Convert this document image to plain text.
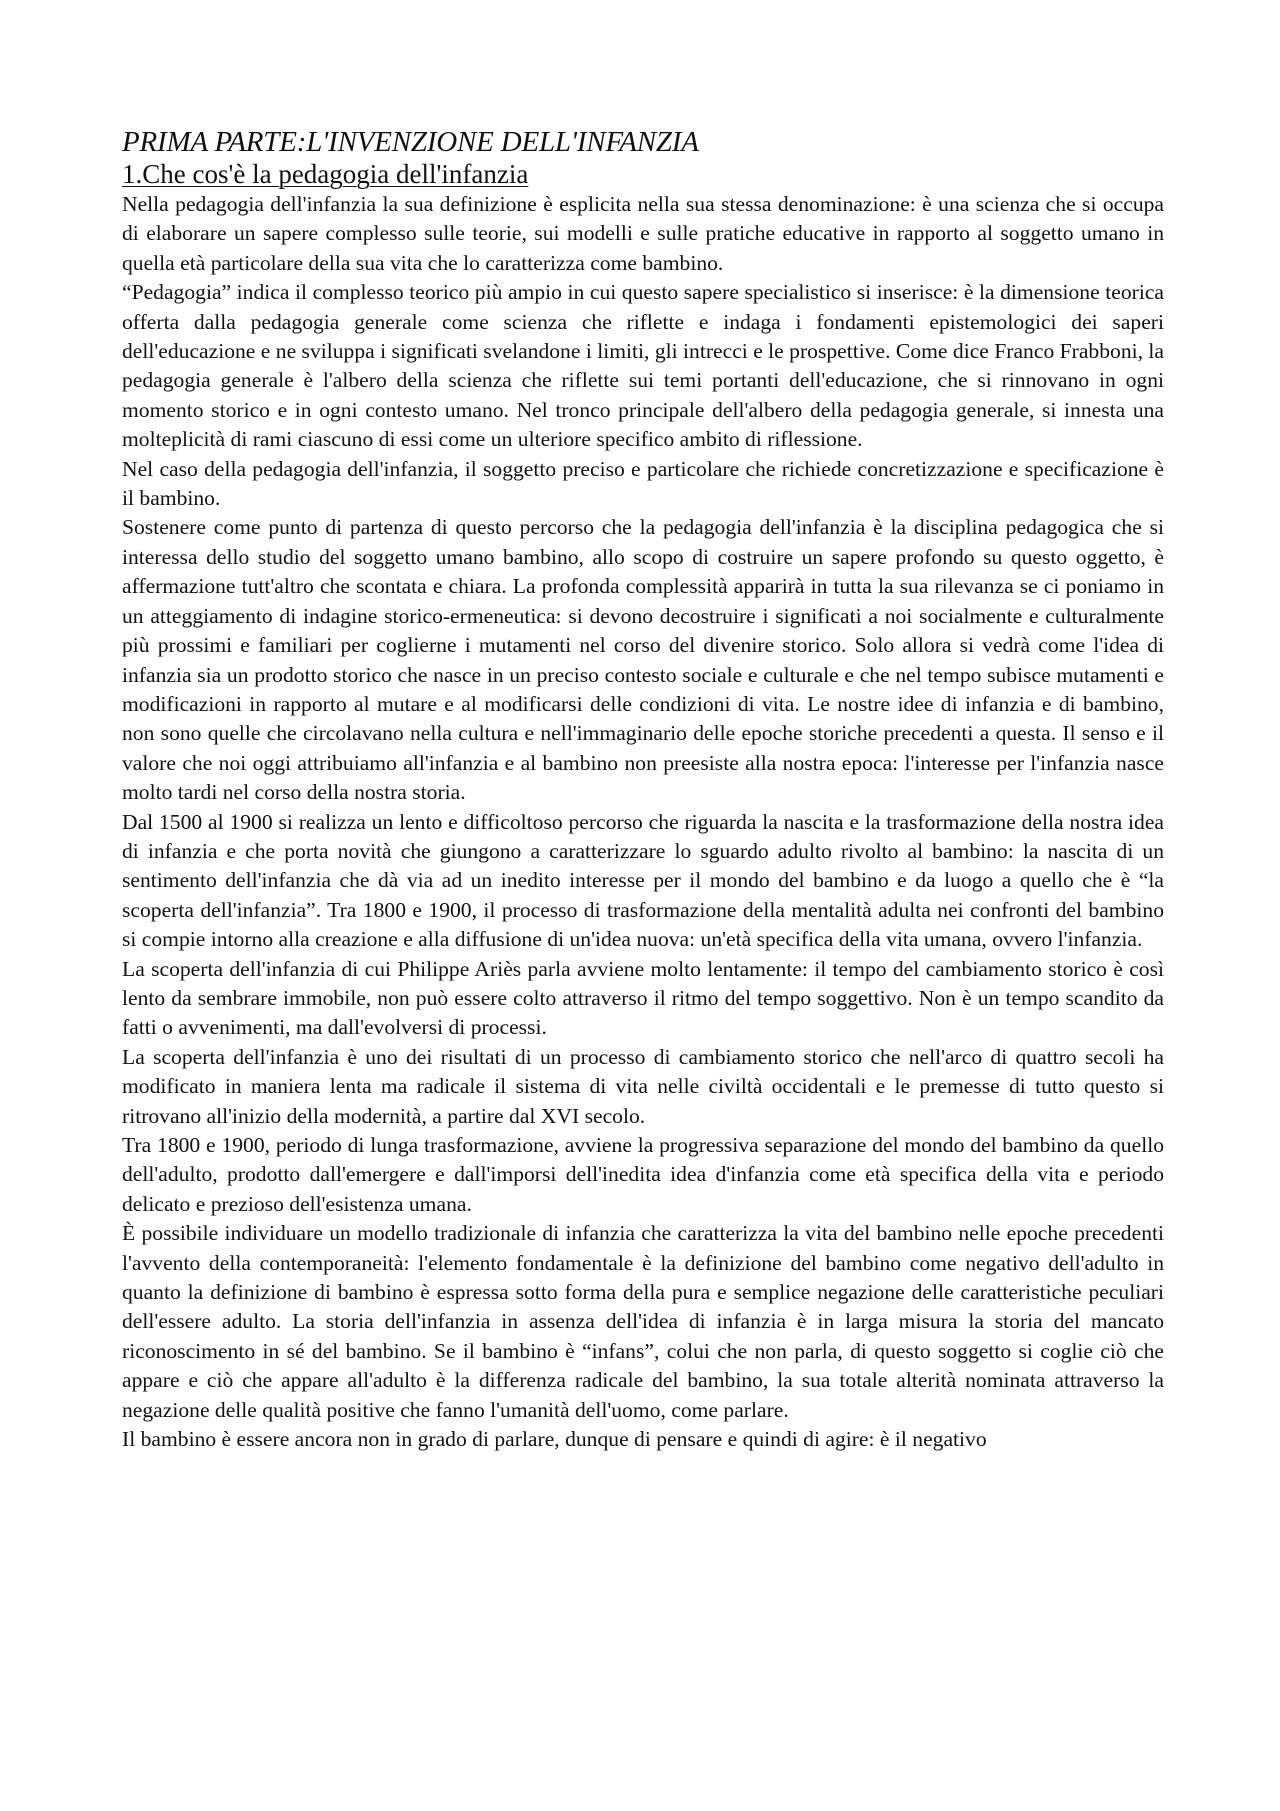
PRIMA PARTE:L'INVENZIONE DELL'INFANZIA
1.Che cos'è la pedagogia dell'infanzia

Nella pedagogia dell'infanzia la sua definizione è esplicita nella sua stessa denominazione: è una scienza che si occupa di elaborare un sapere complesso sulle teorie, sui modelli e sulle pratiche educative in rapporto al soggetto umano in quella età particolare della sua vita che lo caratterizza come bambino.

“Pedagogia” indica il complesso teorico più ampio in cui questo sapere specialistico si inserisce: è la dimensione teorica offerta dalla pedagogia generale come scienza che riflette e indaga i fondamenti epistemologici dei saperi dell'educazione e ne sviluppa i significati svelandone i limiti, gli intrecci e le prospettive. Come dice Franco Frabboni, la pedagogia generale è l'albero della scienza che riflette sui temi portanti dell'educazione, che si rinnovano in ogni momento storico e in ogni contesto umano. Nel tronco principale dell'albero della pedagogia generale, si innesta una molteplicità di rami ciascuno di essi come un ulteriore specifico ambito di riflessione.

Nel caso della pedagogia dell'infanzia, il soggetto preciso e particolare che richiede concretizzazione e specificazione è il bambino.

Sostenere come punto di partenza di questo percorso che la pedagogia dell'infanzia è la disciplina pedagogica che si interessa dello studio del soggetto umano bambino, allo scopo di costruire un sapere profondo su questo oggetto, è affermazione tutt'altro che scontata e chiara. La profonda complessità apparirà in tutta la sua rilevanza se ci poniamo in un atteggiamento di indagine storico-ermeneutica: si devono decostruire i significati a noi socialmente e culturalmente più prossimi e familiari per coglierne i mutamenti nel corso del divenire storico. Solo allora si vedrà come l'idea di infanzia sia un prodotto storico che nasce in un preciso contesto sociale e culturale e che nel tempo subisce mutamenti e modificazioni in rapporto al mutare e al modificarsi delle condizioni di vita. Le nostre idee di infanzia e di bambino, non sono quelle che circolavano nella cultura e nell'immaginario delle epoche storiche precedenti a questa. Il senso e il valore che noi oggi attribuiamo all'infanzia e al bambino non preesiste alla nostra epoca: l'interesse per l'infanzia nasce molto tardi nel corso della nostra storia.

Dal 1500 al 1900 si realizza un lento e difficoltoso percorso che riguarda la nascita e la trasformazione della nostra idea di infanzia e che porta novità che giungono a caratterizzare lo sguardo adulto rivolto al bambino: la nascita di un sentimento dell'infanzia che dà via ad un inedito interesse per il mondo del bambino e da luogo a quello che è “la scoperta dell'infanzia”. Tra 1800 e 1900, il processo di trasformazione della mentalità adulta nei confronti del bambino si compie intorno alla creazione e alla diffusione di un'idea nuova: un'età specifica della vita umana, ovvero l'infanzia.

La scoperta dell'infanzia di cui Philippe Ariès parla avviene molto lentamente: il tempo del cambiamento storico è così lento da sembrare immobile, non può essere colto attraverso il ritmo del tempo soggettivo. Non è un tempo scandito da fatti o avvenimenti, ma dall'evolversi di processi.

La scoperta dell'infanzia è uno dei risultati di un processo di cambiamento storico che nell'arco di quattro secoli ha modificato in maniera lenta ma radicale il sistema di vita nelle civiltà occidentali e le premesse di tutto questo si ritrovano all'inizio della modernità, a partire dal XVI secolo.

Tra 1800 e 1900, periodo di lunga trasformazione, avviene la progressiva separazione del mondo del bambino da quello dell'adulto, prodotto dall'emergere e dall'imporsi dell'inedita idea d'infanzia come età specifica della vita e periodo delicato e prezioso dell'esistenza umana.

È possibile individuare un modello tradizionale di infanzia che caratterizza la vita del bambino nelle epoche precedenti l'avvento della contemporaneità: l'elemento fondamentale è la definizione del bambino come negativo dell'adulto in quanto la definizione di bambino è espressa sotto forma della pura e semplice negazione delle caratteristiche peculiari dell'essere adulto. La storia dell'infanzia in assenza dell'idea di infanzia è in larga misura la storia del mancato riconoscimento in sé del bambino. Se il bambino è “infans”, colui che non parla, di questo soggetto si coglie ciò che appare e ciò che appare all'adulto è la differenza radicale del bambino, la sua totale alterità nominata attraverso la negazione delle qualità positive che fanno l'umanità dell'uomo, come parlare.

Il bambino è essere ancora non in grado di parlare, dunque di pensare e quindi di agire: è il negativo
